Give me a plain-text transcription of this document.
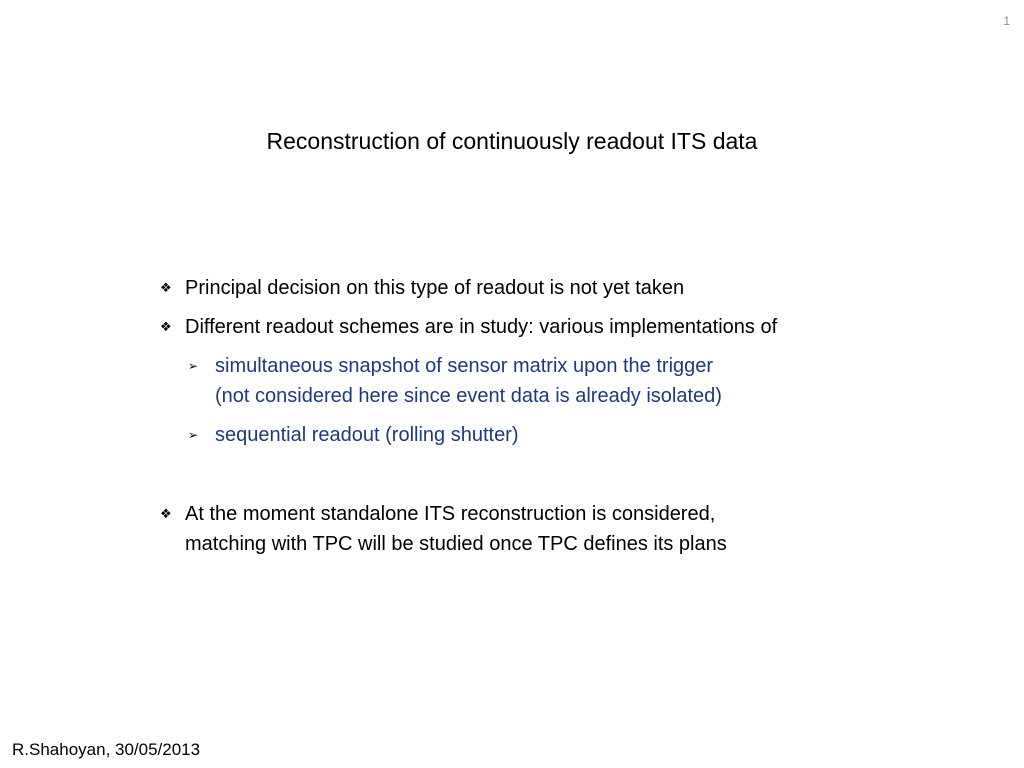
1
Reconstruction of continuously readout ITS data
❖ Principal decision on this type of readout is not yet taken
❖ Different readout schemes are in study: various implementations of
➢ simultaneous snapshot of sensor matrix upon the trigger
(not considered here since event data is already isolated)
➢ sequential readout (rolling shutter)
❖ At the moment standalone ITS reconstruction is considered,
matching with TPC will be studied once TPC defines its plans
R.Shahoyan, 30/05/2013
